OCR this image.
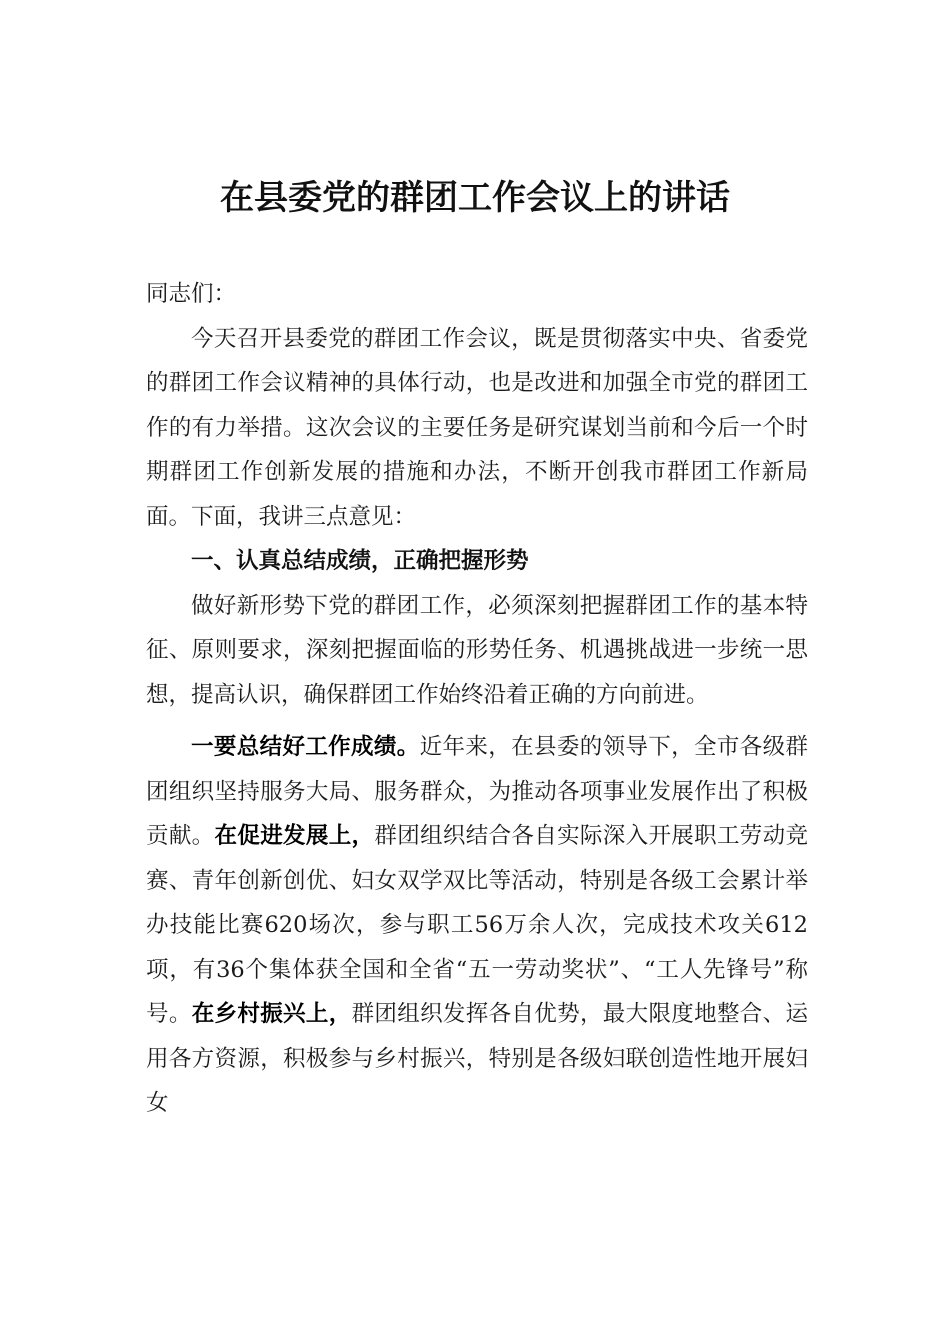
在县委党的群团工作会议上的讲话

同志们：

今天召开县委党的群团工作会议，既是贯彻落实中央、省委党的群团工作会议精神的具体行动，也是改进和加强全市党的群团工作的有力举措。这次会议的主要任务是研究谋划当前和今后一个时期群团工作创新发展的措施和办法，不断开创我市群团工作新局面。下面，我讲三点意见：

一、认真总结成绩，正确把握形势

做好新形势下党的群团工作，必须深刻把握群团工作的基本特征、原则要求，深刻把握面临的形势任务、机遇挑战进一步统一思想，提高认识，确保群团工作始终沿着正确的方向前进。

一要总结好工作成绩。近年来，在县委的领导下，全市各级群团组织坚持服务大局、服务群众，为推动各项事业发展作出了积极贡献。在促进发展上，群团组织结合各自实际深入开展职工劳动竞赛、青年创新创优、妇女双学双比等活动，特别是各级工会累计举办技能比赛620场次，参与职工56万余人次，完成技术攻关612项，有36个集体获全国和全省“五一劳动奖状”、“工人先锋号”称号。在乡村振兴上，群团组织发挥各自优势，最大限度地整合、运用各方资源，积极参与乡村振兴，特别是各级妇联创造性地开展妇女
